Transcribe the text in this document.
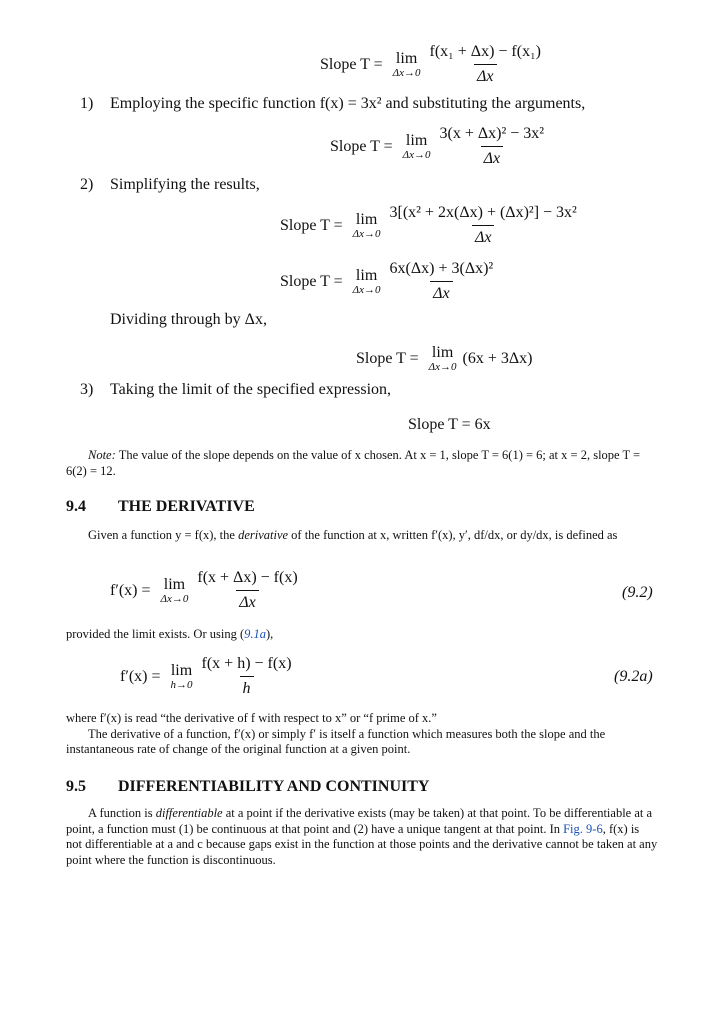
Slope T = lim
$\Delta x\to 0 \frac{\text{f(x₁ + Δx) − f(x₁)}}{\Delta x}$
1) Employing the specific function f(x) = 3x² and substituting the arguments,
Slope T = lim
$\Delta x\to 0 \frac{\text{3(x + Δx)² − 3x²}}{\Delta x}$
2) Simplifying the results,
Slope T = lim
$\Delta x\to 0 \frac{\text{3[(x² + 2x(Δx) + (Δx)²] − 3x²}}{\Delta x}$
Slope T = lim
$\Delta x\to 0 \frac{\text{6x(Δx) + 3(Δx)²}}{\Delta x}$
Dividing through by Δx,
Slope T = lim
Δx→0 (6x + 3Δx)
3) Taking the limit of the specified expression,
Slope T = 6x
Note: The value of the slope depends on the value of x chosen. At x = 1, slope T = 6(1) = 6; at x = 2, slope T = 6(2) = 12.
9.4 THE DERIVATIVE
Given a function y = f(x), the derivative of the function at x, written f′(x), y′, df/dx, or dy/dx, is defined as
f′(x) = lim
$\Delta x\to 0 \frac{f(x + \Delta x) - f(x)}{\Delta x}$	(9.2)
provided the limit exists. Or using (9.1a),
f′(x) = lim
$h\to 0 \frac{f(x + h) - f(x)}{h}$	(9.2a)

where f′(x) is read “the derivative of f with respect to x” or “f prime of x.”

The derivative of a function, f′(x) or simply f′ is itself a function which measures both the slope and the instantaneous rate of change of the original function at a given point.

9.5 DIFFERENTIABILITY AND CONTINUITY
A function is differentiable at a point if the derivative exists (may be taken) at that point. To be differentiable at a point, a function must (1) be continuous at that point and (2) have a unique tangent at that point. In Fig. 9-6, f(x) is not differentiable at a and c because gaps exist in the function at those points and the derivative cannot be taken at any point where the function is discontinuous.
